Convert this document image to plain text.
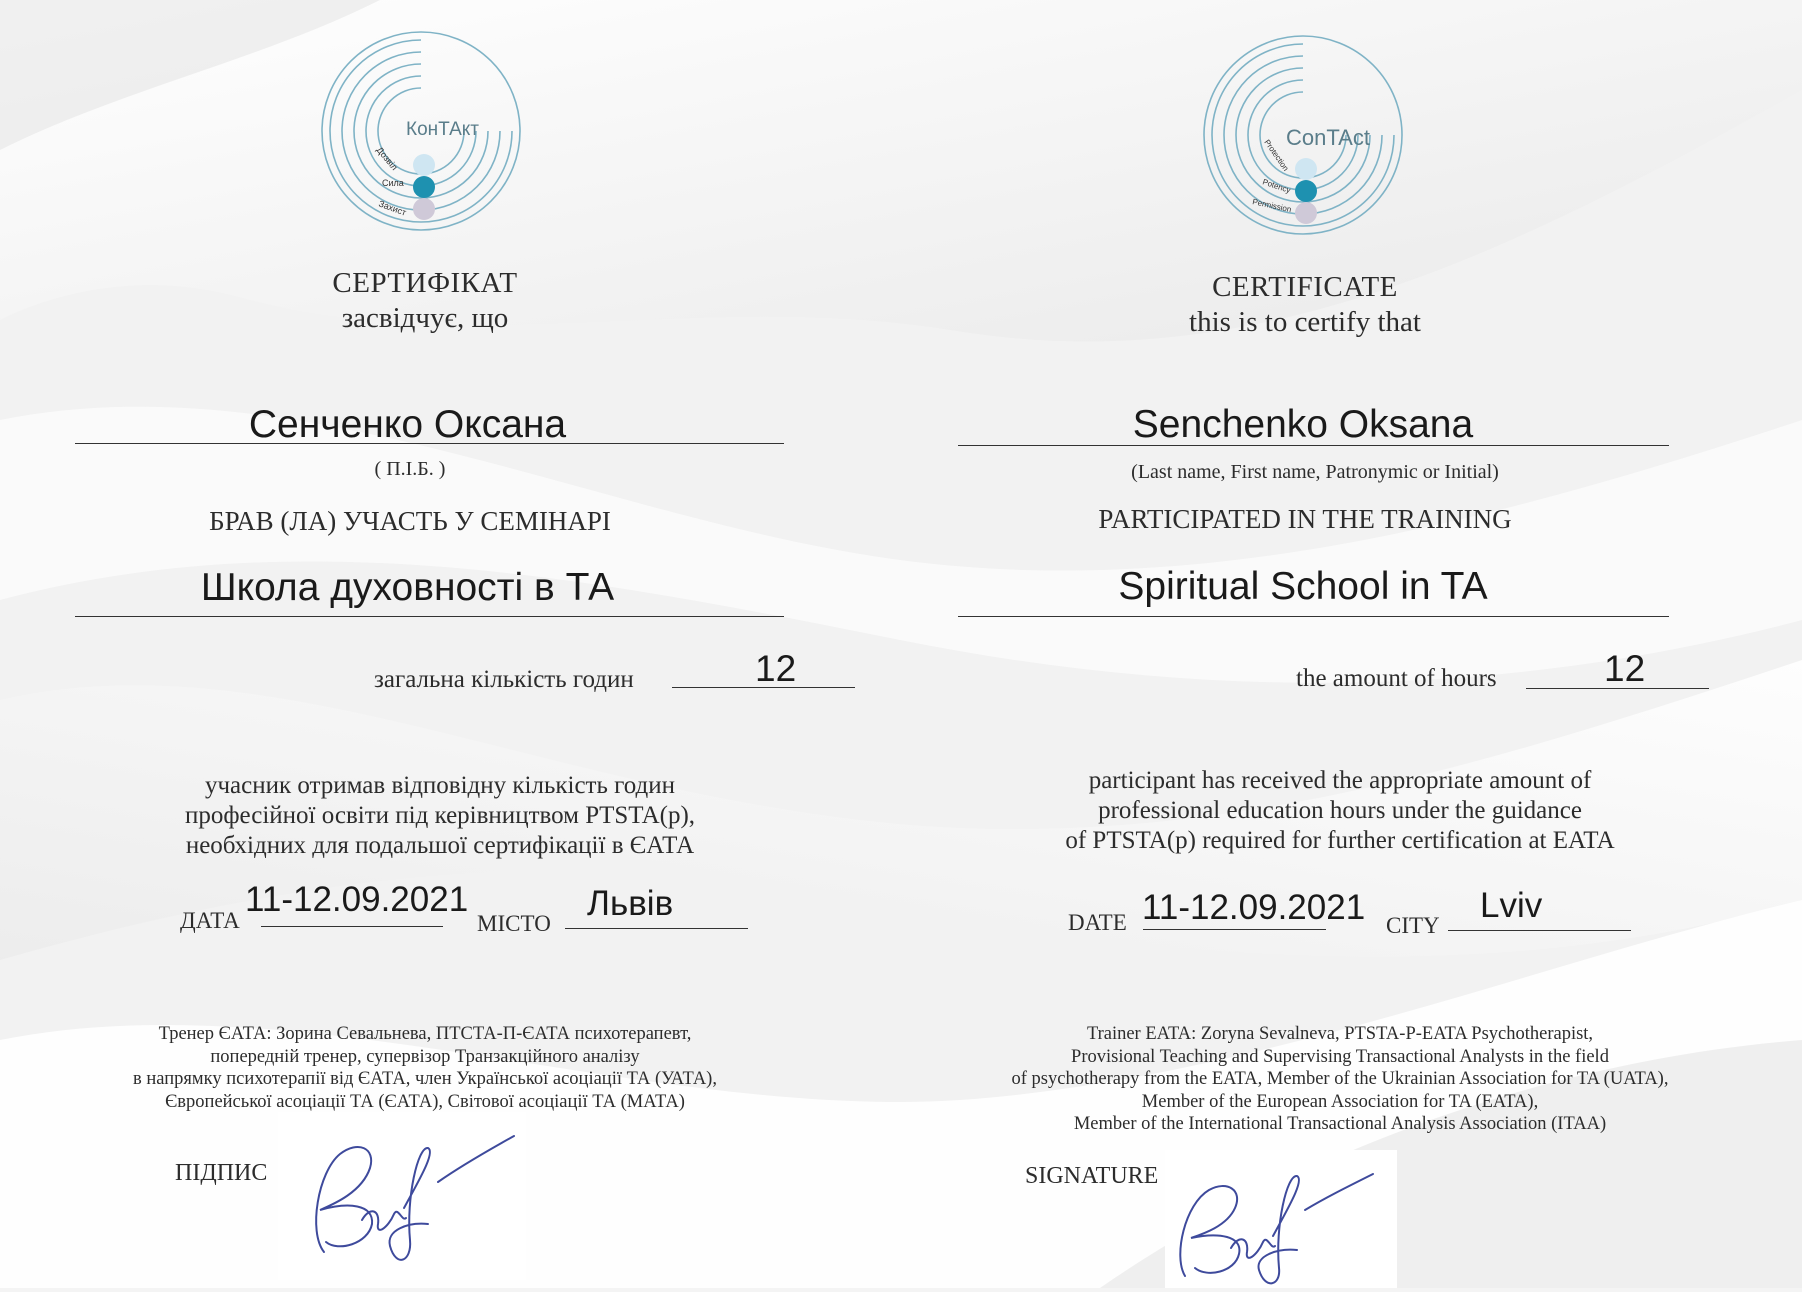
КонТАкт
Дозвіл
Сила
Захист
СЕРТИФІКАТ
засвідчує, що
Сенченко Оксана
( П.І.Б. )
БРАВ (ЛА) УЧАСТЬ У СЕМІНАРІ
Школа духовності в ТА
загальна кількість годин	12
учасник отримав відповідну кількість годин
професійної освіти під керівництвом PTSTA(p),
необхідних для подальшої сертифікації в ЄАТА
ДАТА
11-12.09.2021
МІСТО
Львів
Тренер ЄАТА: Зорина Севальнева, ПТСТА-П-ЄАТА психотерапевт,
попередній тренер, супервізор Транзакційного аналізу
в напрямку психотерапії від ЄАТА, член Української асоціації ТА (УАТА),
Європейської асоціації ТА (ЄАТА), Світової асоціації ТА (МАТА)
ПІДПИС
ConTAct
Protection
Potency
Permission
CERTIFICATE
this is to certify that
Senchenko Oksana
(Last name, First name, Patronymic or Initial)
PARTICIPATED IN THE TRAINING
Spiritual School in TA
the amount of hours	12
participant has received the appropriate amount of
professional education hours under the guidance
of PTSTA(p) required for further certification at EATA
DATE 11-12.09.2021 CITY
Lviv
Trainer EATA: Zoryna Sevalneva, PTSTA-P-EATA Psychotherapist,
Provisional Teaching and Supervising Transactional Analysts in the field
of psychotherapy from the EATA, Member of the Ukrainian Association for TA (UATA),
Member of the European Association for TA (EATA),
Member of the International Transactional Analysis Association (ITAA)
SIGNATURE
